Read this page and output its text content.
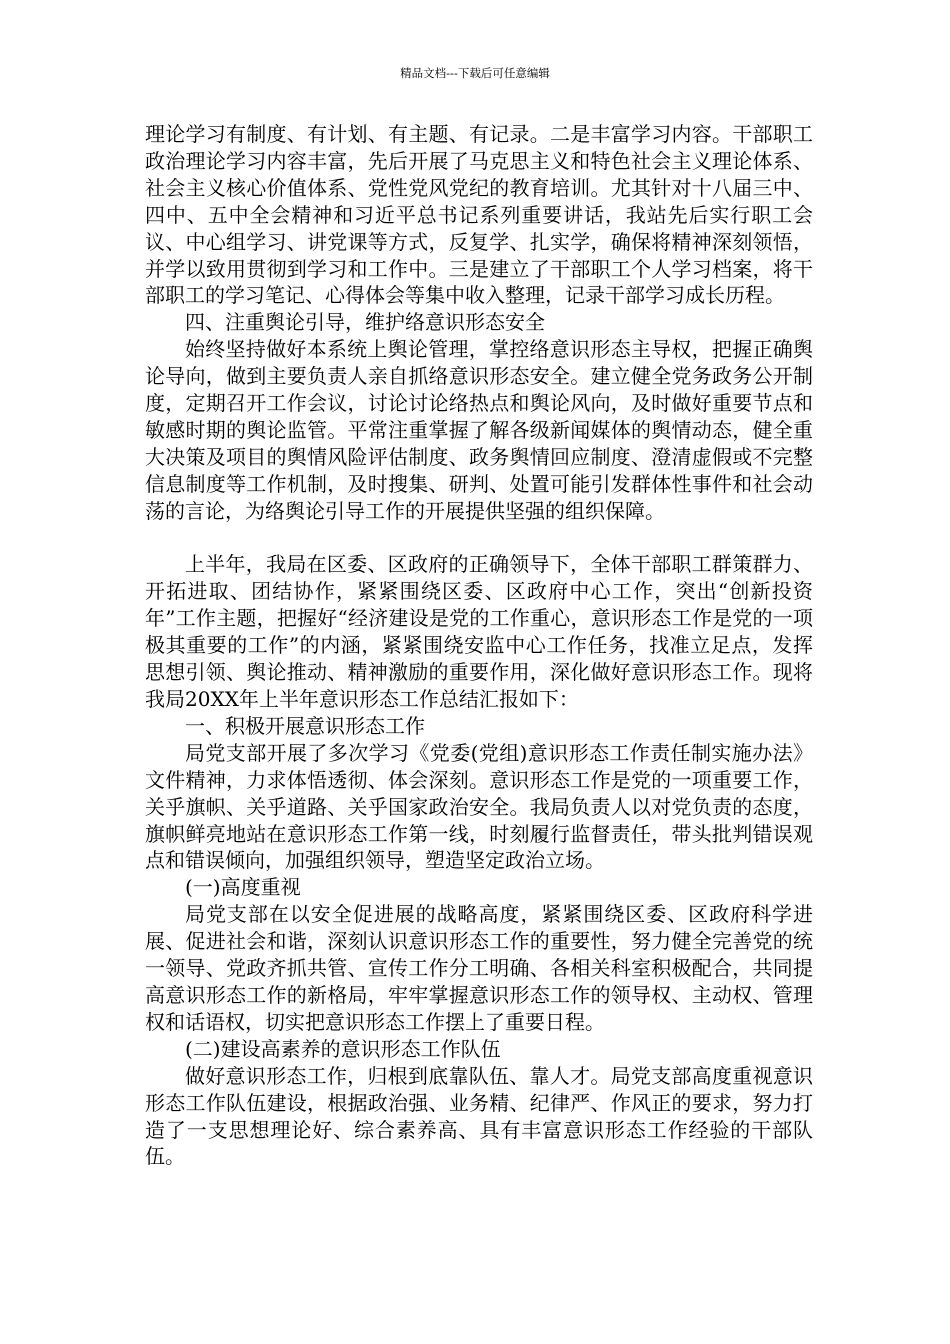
精品文档---下载后可任意编辑

理论学习有制度、有计划、有主题、有记录。二是丰富学习内容。干部职工政治理论学习内容丰富，先后开展了马克思主义和特色社会主义理论体系、社会主义核心价值体系、党性党风党纪的教育培训。尤其针对十八届三中、四中、五中全会精神和习近平总书记系列重要讲话，我站先后实行职工会议、中心组学习、讲党课等方式，反复学、扎实学，确保将精神深刻领悟，并学以致用贯彻到学习和工作中。三是建立了干部职工个人学习档案，将干部职工的学习笔记、心得体会等集中收入整理，记录干部学习成长历程。

四、注重舆论引导，维护络意识形态安全

始终坚持做好本系统上舆论管理，掌控络意识形态主导权，把握正确舆论导向，做到主要负责人亲自抓络意识形态安全。建立健全党务政务公开制度，定期召开工作会议，讨论讨论络热点和舆论风向，及时做好重要节点和敏感时期的舆论监管。平常注重掌握了解各级新闻媒体的舆情动态，健全重大决策及项目的舆情风险评估制度、政务舆情回应制度、澄清虚假或不完整信息制度等工作机制，及时搜集、研判、处置可能引发群体性事件和社会动荡的言论，为络舆论引导工作的开展提供坚强的组织保障。

上半年，我局在区委、区政府的正确领导下，全体干部职工群策群力、开拓进取、团结协作，紧紧围绕区委、区政府中心工作，突出“创新投资年”工作主题，把握好“经济建设是党的工作重心，意识形态工作是党的一项极其重要的工作”的内涵，紧紧围绕安监中心工作任务，找准立足点，发挥思想引领、舆论推动、精神激励的重要作用，深化做好意识形态工作。现将我局20XX年上半年意识形态工作总结汇报如下：

一、积极开展意识形态工作

局党支部开展了多次学习《党委(党组)意识形态工作责任制实施办法》文件精神，力求体悟透彻、体会深刻。意识形态工作是党的一项重要工作，关乎旗帜、关乎道路、关乎国家政治安全。我局负责人以对党负责的态度，旗帜鲜亮地站在意识形态工作第一线，时刻履行监督责任，带头批判错误观点和错误倾向，加强组织领导，塑造坚定政治立场。

(一)高度重视

局党支部在以安全促进展的战略高度，紧紧围绕区委、区政府科学进展、促进社会和谐，深刻认识意识形态工作的重要性，努力健全完善党的统一领导、党政齐抓共管、宣传工作分工明确、各相关科室积极配合，共同提高意识形态工作的新格局，牢牢掌握意识形态工作的领导权、主动权、管理权和话语权，切实把意识形态工作摆上了重要日程。

(二)建设高素养的意识形态工作队伍

做好意识形态工作，归根到底靠队伍、靠人才。局党支部高度重视意识形态工作队伍建设，根据政治强、业务精、纪律严、作风正的要求，努力打造了一支思想理论好、综合素养高、具有丰富意识形态工作经验的干部队伍。
